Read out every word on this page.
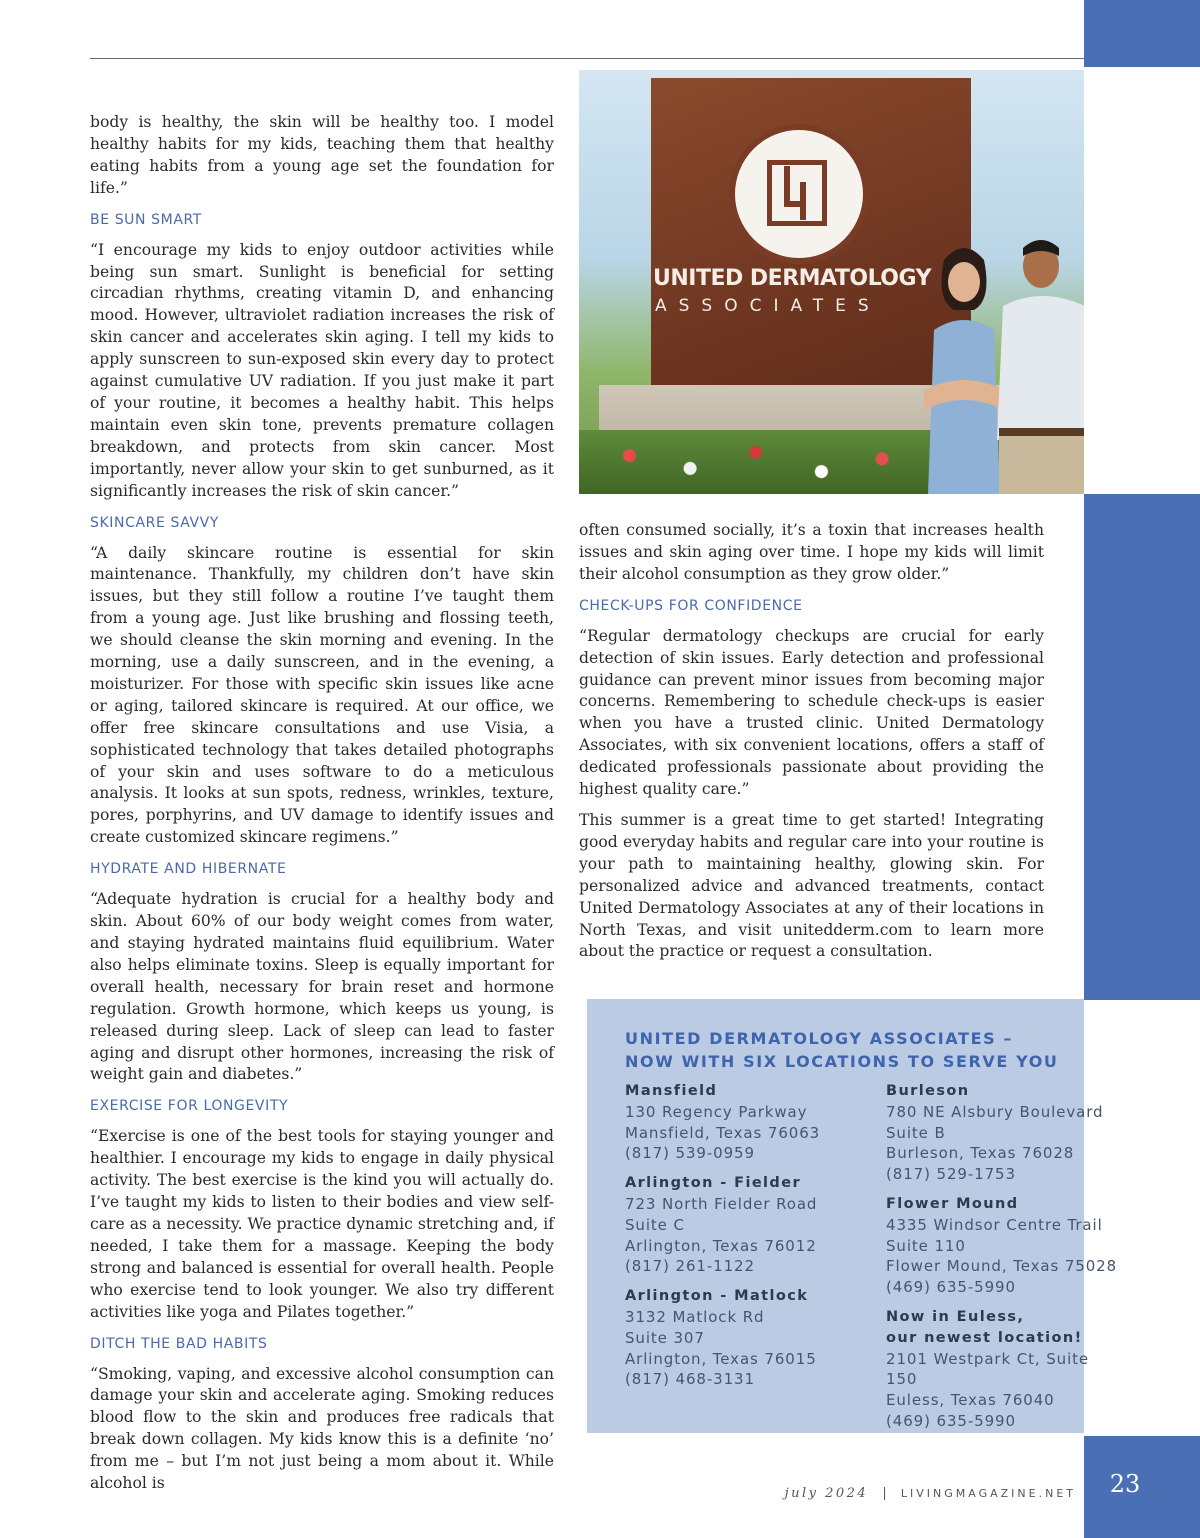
23

body is healthy, the skin will be healthy too. I model healthy habits for my kids, teaching them that healthy eating habits from a young age set the foundation for life.”

BE SUN SMART

“I encourage my kids to enjoy outdoor activities while being sun smart. Sunlight is beneficial for setting circadian rhythms, creating vitamin D, and enhancing mood. However, ultraviolet radiation increases the risk of skin cancer and accelerates skin aging. I tell my kids to apply sunscreen to sun-exposed skin every day to protect against cumulative UV radiation. If you just make it part of your routine, it becomes a healthy habit. This helps maintain even skin tone, prevents premature collagen breakdown, and protects from skin cancer. Most importantly, never allow your skin to get sunburned, as it significantly increases the risk of skin cancer.”

SKINCARE SAVVY

“A daily skincare routine is essential for skin maintenance. Thankfully, my children don’t have skin issues, but they still follow a routine I’ve taught them from a young age. Just like brushing and flossing teeth, we should cleanse the skin morning and evening. In the morning, use a daily sunscreen, and in the evening, a moisturizer. For those with specific skin issues like acne or aging, tailored skincare is required. At our office, we offer free skincare consultations and use Visia, a sophisticated technology that takes detailed photographs of your skin and uses software to do a meticulous analysis. It looks at sun spots, redness, wrinkles, texture, pores, porphyrins, and UV damage to identify issues and create customized skincare regimens.”

HYDRATE AND HIBERNATE

“Adequate hydration is crucial for a healthy body and skin. About 60% of our body weight comes from water, and staying hydrated maintains fluid equilibrium. Water also helps eliminate toxins. Sleep is equally important for overall health, necessary for brain reset and hormone regulation. Growth hormone, which keeps us young, is released during sleep. Lack of sleep can lead to faster aging and disrupt other hormones, increasing the risk of weight gain and diabetes.”

EXERCISE FOR LONGEVITY

“Exercise is one of the best tools for staying younger and healthier. I encourage my kids to engage in daily physical activity. The best exercise is the kind you will actually do. I’ve taught my kids to listen to their bodies and view self-care as a necessity. We practice dynamic stretching and, if needed, I take them for a massage. Keeping the body strong and balanced is essential for overall health. People who exercise tend to look younger. We also try different activities like yoga and Pilates together.”

DITCH THE BAD HABITS

“Smoking, vaping, and excessive alcohol consumption can damage your skin and accelerate aging. Smoking reduces blood flow to the skin and produces free radicals that break down collagen. My kids know this is a definite ‘no’ from me – but I’m not just being a mom about it. While alcohol is

UNITED DERMATOLOGY
ASSOCIATES

often consumed socially, it’s a toxin that increases health issues and skin aging over time. I hope my kids will limit their alcohol consumption as they grow older.”

CHECK-UPS FOR CONFIDENCE

“Regular dermatology checkups are crucial for early detection of skin issues. Early detection and professional guidance can prevent minor issues from becoming major concerns. Remembering to schedule check-ups is easier when you have a trusted clinic. United Dermatology Associates, with six convenient locations, offers a staff of dedicated professionals passionate about providing the highest quality care.”

This summer is a great time to get started! Integrating good everyday habits and regular care into your routine is your path to maintaining healthy, glowing skin. For personalized advice and advanced treatments, contact United Dermatology Associates at any of their locations in North Texas, and visit unitedderm.com to learn more about the practice or request a consultation.

UNITED DERMATOLOGY ASSOCIATES –
NOW WITH SIX LOCATIONS TO SERVE YOU
Mansfield
130 Regency Parkway
Mansfield, Texas 76063
(817) 539-0959
Arlington - Fielder
723 North Fielder Road
Suite C
Arlington, Texas 76012
(817) 261-1122
Arlington - Matlock
3132 Matlock Rd
Suite 307
Arlington, Texas 76015
(817) 468-3131
Burleson
780 NE Alsbury Boulevard
Suite B
Burleson, Texas 76028
(817) 529-1753
Flower Mound
4335 Windsor Centre Trail
Suite 110
Flower Mound, Texas 75028
(469) 635-5990
Now in Euless,
our newest location!
2101 Westpark Ct, Suite 150
Euless, Texas 76040
(469) 635-5990
july 2024 | LIVINGMAGAZINE.NET
